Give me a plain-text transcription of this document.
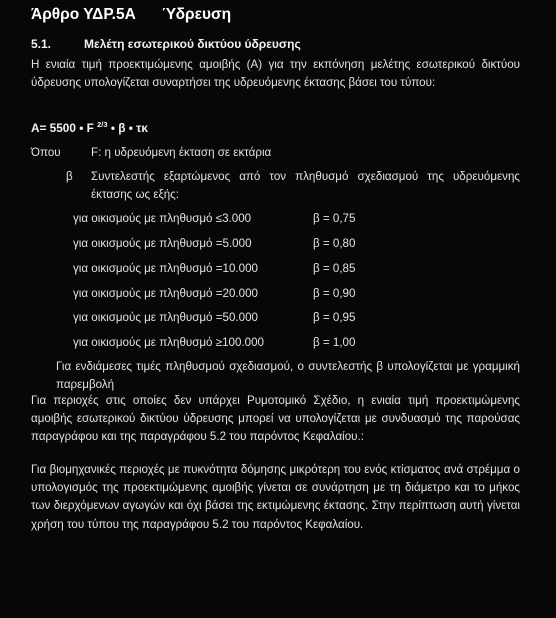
Άρθρο ΥΔΡ.5Α Ύδρευση
5.1.	Μελέτη εσωτερικού δικτύου ύδρευσης
Η ενιαία τιμή προεκτιμώμενης αμοιβής (Α) για την εκπόνηση μελέτης εσωτερικού δικτύου ύδρευσης υπολογίζεται συναρτήσει της υδρευόμενης έκτασης βάσει του τύπου:
A= 5500 • F $^{2/3}$ • β • τκ
Όπου	F: η υδρευόμενη έκταση σε εκτάρια
β Συντελεστής εξαρτώμενος από τον πληθυσμό σχεδιασμού της υδρευόμενης έκτασης ως εξής:
για οικισμούς με πληθυσμό ≤3.000	β = 0,75
για οικισμούς με πληθυσμό =5.000	β = 0,80
για οικισμούς με πληθυσμό =10.000	β = 0,85
για οικισμούς με πληθυσμό =20.000	β = 0,90
για οικισμούς με πληθυσμό =50.000	β = 0,95
για οικισμούς με πληθυσμό ≥100.000	β = 1,00
Για ενδιάμεσες τιμές πληθυσμού σχεδιασμού, ο συντελεστής β υπολογίζεται με γραμμική παρεμβολή
Για περιοχές στις οποίες δεν υπάρχει Ρυμοτομικό Σχέδιο, η ενιαία τιμή προεκτιμώμενης αμοιβής εσωτερικού δικτύου ύδρευσης μπορεί να υπολογίζεται με συνδυασμό της παρούσας παραγράφου και της παραγράφου 5.2 του παρόντος Κεφαλαίου.:
Για βιομηχανικές περιοχές με πυκνότητα δόμησης μικρότερη του ενός κτίσματος ανά στρέμμα ο υπολογισμός της προεκτιμώμενης αμοιβής γίνεται σε συνάρτηση με τη διάμετρο και το μήκος των διερχόμενων αγωγών και όχι βάσει της εκτιμώμενης έκτασης. Στην περίπτωση αυτή γίνεται χρήση του τύπου της παραγράφου 5.2 του παρόντος Κεφαλαίου.
